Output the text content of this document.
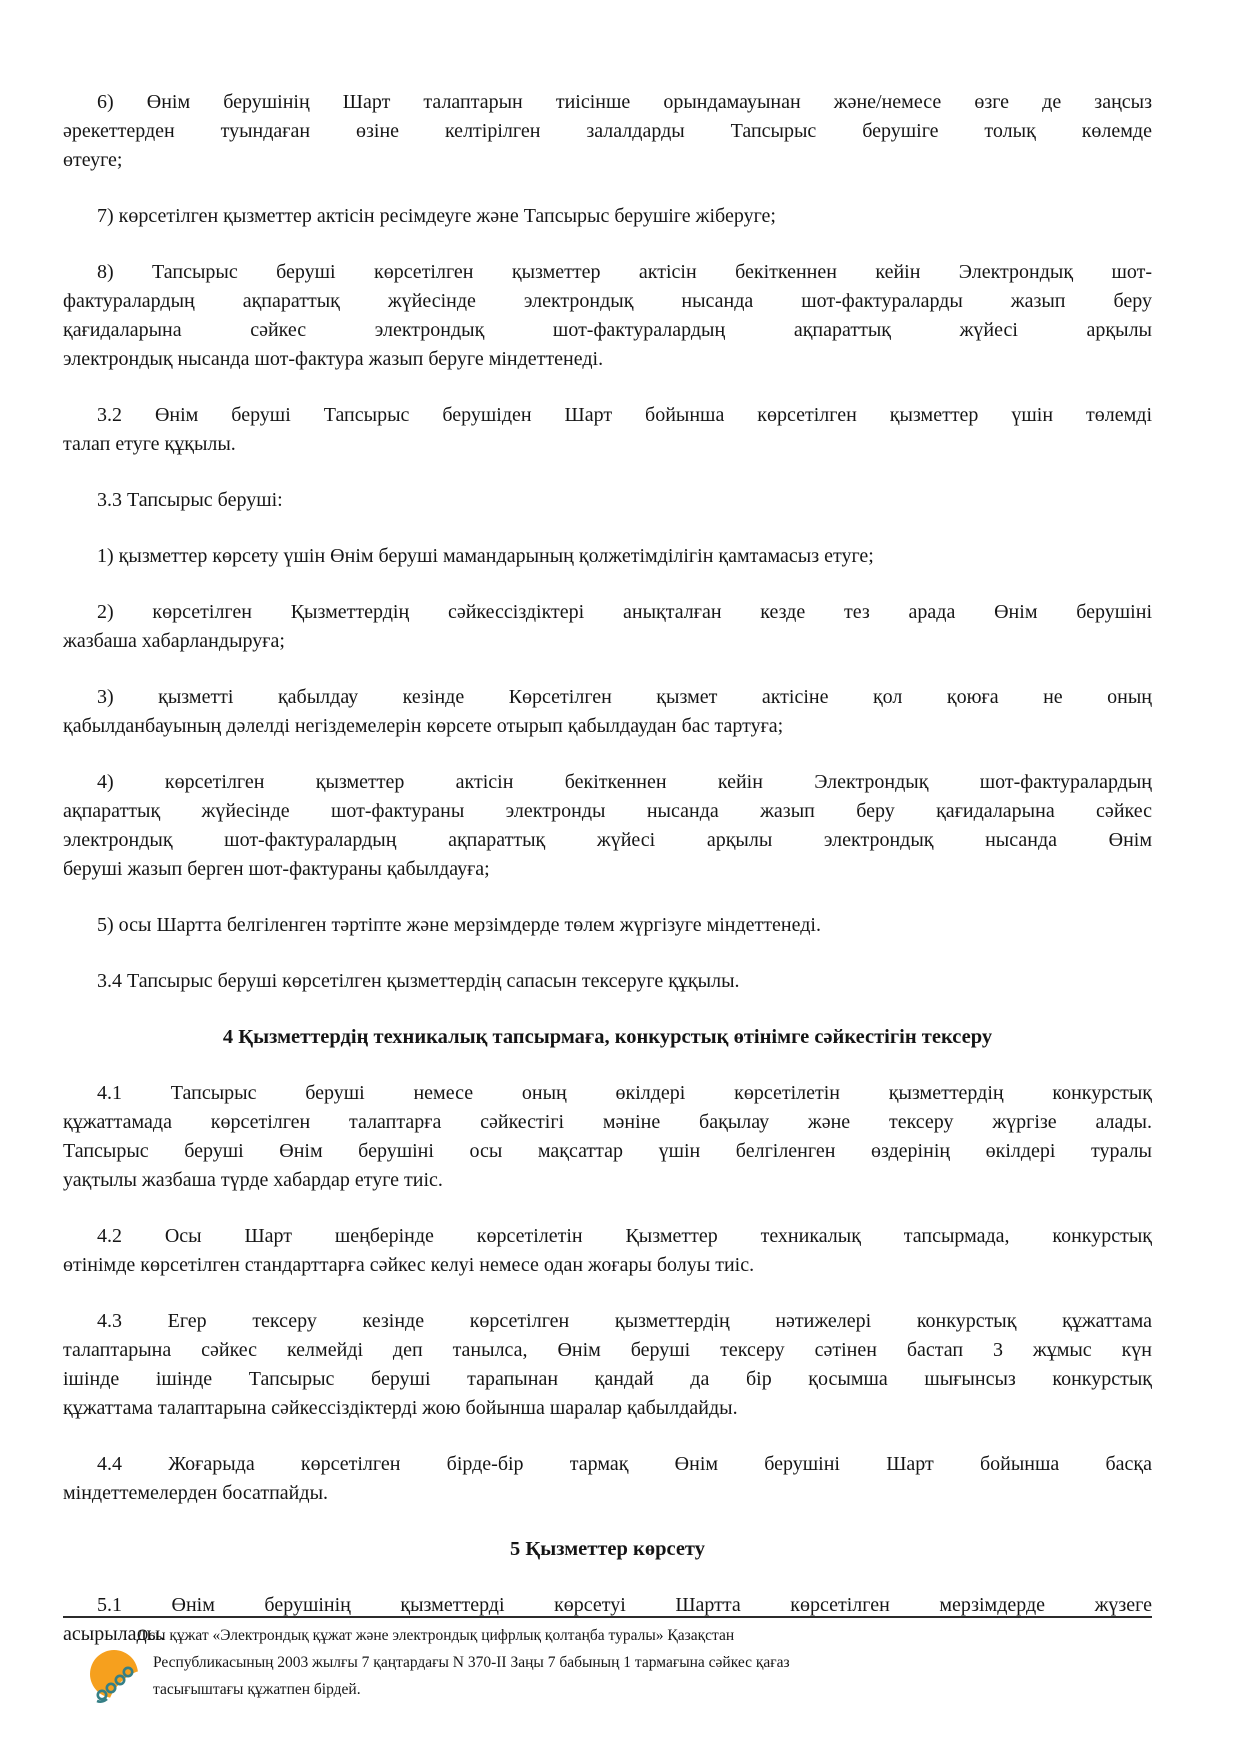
6) Өнім берушінің Шарт талаптарын тиісінше орындамауынан және/немесе өзге де заңсыз
әрекеттерден туындаған өзіне келтірілген залалдарды Тапсырыс берушіге толық көлемде
өтеуге;

7) көрсетілген қызметтер актісін ресімдеуге және Тапсырыс берушіге жіберуге;

8) Тапсырыс беруші көрсетілген қызметтер актісін бекіткеннен кейін Электрондық шот-
фактуралардың ақпараттық жүйесінде электрондық нысанда шот-фактураларды жазып беру
қағидаларына сәйкес электрондық шот-фактуралардың ақпараттық жүйесі арқылы
электрондық нысанда шот-фактура жазып беруге міндеттенеді.

3.2 Өнім беруші Тапсырыс берушіден Шарт бойынша көрсетілген қызметтер үшін төлемді
талап етуге құқылы.

3.3 Тапсырыс беруші:

1) қызметтер көрсету үшін Өнім беруші мамандарының қолжетімділігін қамтамасыз етуге;

2) көрсетілген Қызметтердің сәйкессіздіктері анықталған кезде тез арада Өнім берушіні
жазбаша хабарландыруға;

3) қызметті қабылдау кезінде Көрсетілген қызмет актісіне қол қоюға не оның
қабылданбауының дәлелді негіздемелерін көрсете отырып қабылдаудан бас тартуға;

4) көрсетілген қызметтер актісін бекіткеннен кейін Электрондық шот-фактуралардың
ақпараттық жүйесінде шот-фактураны электронды нысанда жазып беру қағидаларына сәйкес
электрондық шот-фактуралардың ақпараттық жүйесі арқылы электрондық нысанда Өнім
беруші жазып берген шот-фактураны қабылдауға;

5) осы Шартта белгіленген тәртіпте және мерзімдерде төлем жүргізуге міндеттенеді.

3.4 Тапсырыс беруші көрсетілген қызметтердің сапасын тексеруге құқылы.

4 Қызметтердің техникалық тапсырмаға, конкурстық өтінімге сәйкестігін тексеру

4.1 Тапсырыс беруші немесе оның өкілдері көрсетілетін қызметтердің конкурстық
құжаттамада көрсетілген талаптарға сәйкестігі мәніне бақылау және тексеру жүргізе алады.
Тапсырыс беруші Өнім берушіні осы мақсаттар үшін белгіленген өздерінің өкілдері туралы
уақтылы жазбаша түрде хабардар етуге тиіс.

4.2 Осы Шарт шеңберінде көрсетілетін Қызметтер техникалық тапсырмада, конкурстық
өтінімде көрсетілген стандарттарға сәйкес келуі немесе одан жоғары болуы тиіс.

4.3 Егер тексеру кезінде көрсетілген қызметтердің нәтижелері конкурстық құжаттама
талаптарына сәйкес келмейді деп танылса, Өнім беруші тексеру сәтінен бастап 3 жұмыс күн
ішінде ішінде Тапсырыс беруші тарапынан қандай да бір қосымша шығынсыз конкурстық
құжаттама талаптарына сәйкессіздіктерді жою бойынша шаралар қабылдайды.

4.4 Жоғарыда көрсетілген бірде-бір тармақ Өнім берушіні Шарт бойынша басқа
міндеттемелерден босатпайды.

5 Қызметтер көрсету

5.1 Өнім берушінің қызметтерді көрсетуі Шартта көрсетілген мерзімдерде жүзеге
асырылады.

Осы құжат «Электрондық құжат және электрондық цифрлық қолтаңба туралы» Қазақстан
Республикасының 2003 жылғы 7 қаңтардағы N 370-II Заңы 7 бабының 1 тармағына сәйкес қағаз
тасығыштағы құжатпен бірдей.
